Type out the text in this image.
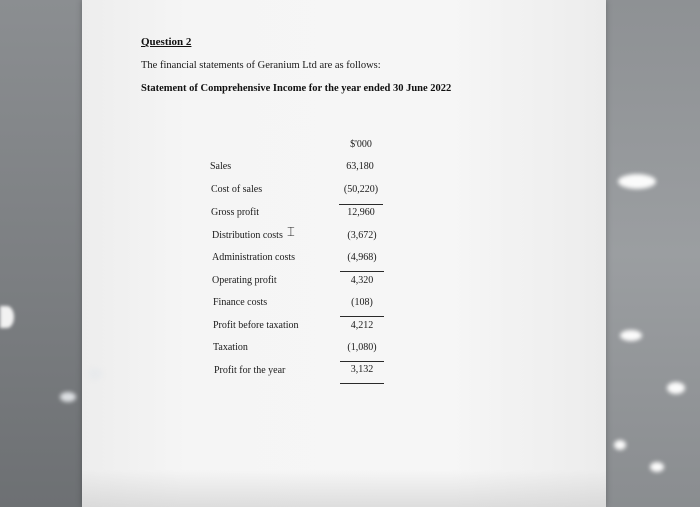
Question 2
The financial statements of Geranium Ltd are as follows:
Statement of Comprehensive Income for the year ended 30 June 2022
$'000
Sales	63,180
Cost of sales	(50,220)
Gross profit	12,960
Distribution costs	(3,672)
⌶
Administration costs	(4,968)
Operating profit	4,320
Finance costs	(108)
Profit before taxation	4,212
Taxation	(1,080)
Profit for the year	3,132
